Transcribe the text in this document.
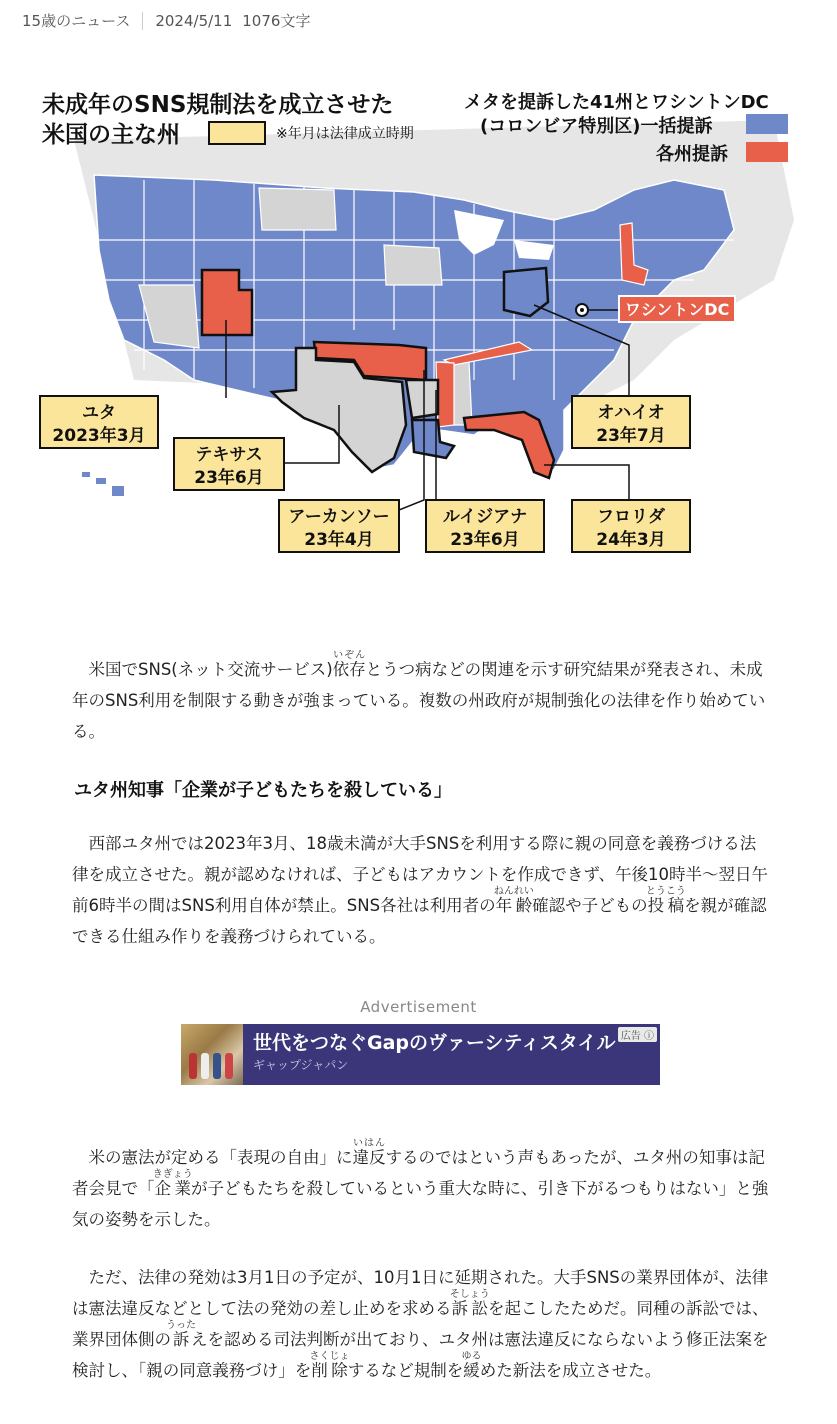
15歳のニュース 2024/5/11 1076文字
ワシントンDC
未成年のSNS規制法を成立させた
米国の主な州	※年月は法律成立時期
メタを提訴した41州とワシントンDC
(コロンビア特別区)一括提訴
各州提訴
ユタ
2023年3月
テキサス
23年6月
アーカンソー
23年4月
ルイジアナ
23年6月
オハイオ
23年7月
フロリダ
24年3月

米国でSNS(ネット交流サービス)依存いぞんとうつ病などの関連を示す研究結果が発表され、未成年のSNS利用を制限する動きが強まっている。複数の州政府が規制強化の法律を作り始めている。

ユタ州知事「企業が子どもたちを殺している」

西部ユタ州では2023年3月、18歳未満が大手SNSを利用する際に親の同意を義務づける法律を成立させた。親が認めなければ、子どもはアカウントを作成できず、午後10時半～翌日午前6時半の間はSNS利用自体が禁止。SNS各社は利用者の年齢ねんれい確認や子どもの投稿とうこうを親が確認できる仕組み作りを義務づけられている。

Advertisement
世代をつなぐGapのヴァーシティスタイル
ギャップジャパン
広告 ⓘ

米の憲法が定める「表現の自由」に違反いはんするのではという声もあったが、ユタ州の知事は記者会見で「企業きぎょうが子どもたちを殺しているという重大な時に、引き下がるつもりはない」と強気の姿勢を示した。

ただ、法律の発効は3月1日の予定が、10月1日に延期された。大手SNSの業界団体が、法律は憲法違反などとして法の発効の差し止めを求める訴訟そしょうを起こしたためだ。同種の訴訟では、業界団体側の訴うったえを認める司法判断が出ており、ユタ州は憲法違反にならないよう修正法案を検討し、「親の同意義務づけ」を削除さくじょするなど規制を緩ゆるめた新法を成立させた。
